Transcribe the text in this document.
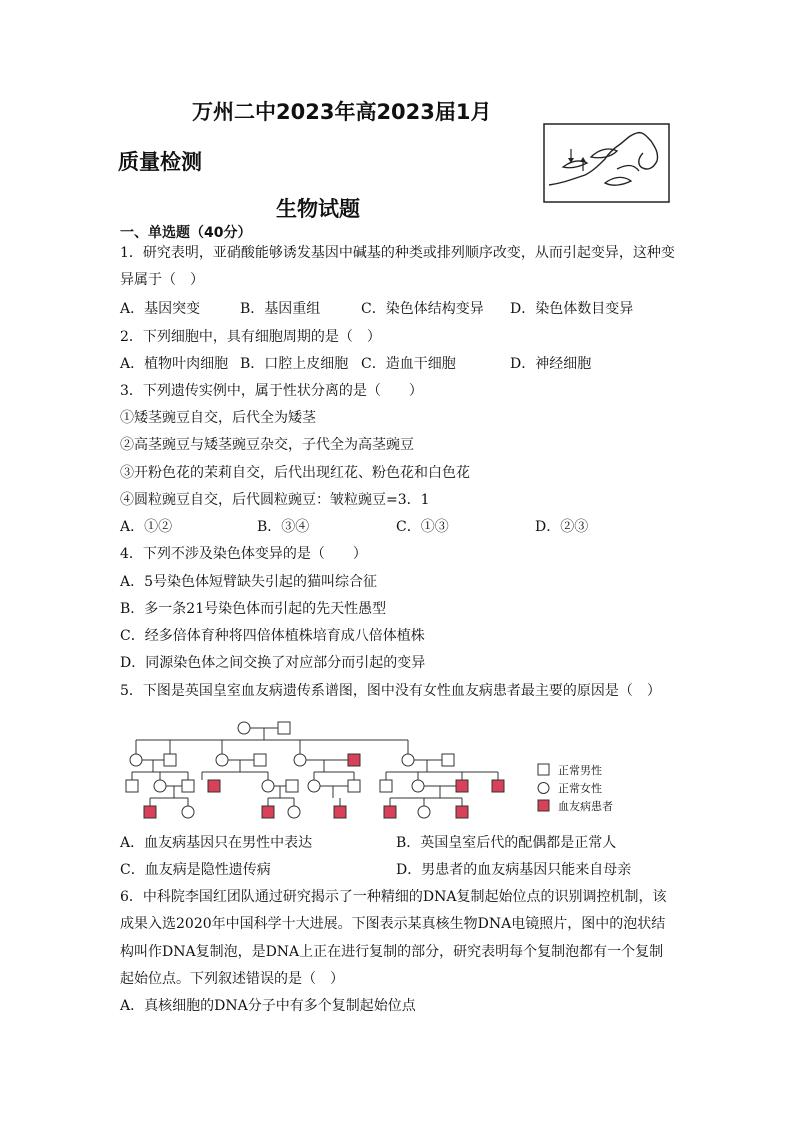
万州二中2023年高2023届1月
质量检测
生物试题
一、单选题（40分）
1．研究表明，亚硝酸能够诱发基因中碱基的种类或排列顺序改变，从而引起变异，这种变
异属于（　）
A．基因突变	B．基因重组	C．染色体结构变异 D．染色体数目变异
2．下列细胞中，具有细胞周期的是（　）
A．植物叶肉细胞 B．口腔上皮细胞 C．造血干细胞	D．神经细胞
3．下列遗传实例中，属于性状分离的是（　　）
①矮茎豌豆自交，后代全为矮茎
②高茎豌豆与矮茎豌豆杂交，子代全为高茎豌豆
③开粉色花的茉莉自交，后代出现红花、粉色花和白色花
④圆粒豌豆自交，后代圆粒豌豆：皱粒豌豆=3．1
A．①②	B．③④	C．①③	D．②③
4．下列不涉及染色体变异的是（　　）
A．5号染色体短臂缺失引起的猫叫综合征
B．多一条21号染色体而引起的先天性愚型
C．经多倍体育种将四倍体植株培育成八倍体植株
D．同源染色体之间交换了对应部分而引起的变异
5．下图是英国皇室血友病遗传系谱图，图中没有女性血友病患者最主要的原因是（　）
正常男性
正常女性
血友病患者
A．血友病基因只在男性中表达	B．英国皇室后代的配偶都是正常人
C．血友病是隐性遗传病	D．男患者的血友病基因只能来自母亲
6．中科院李国红团队通过研究揭示了一种精细的DNA复制起始位点的识别调控机制，该
成果入选2020年中国科学十大进展。下图表示某真核生物DNA电镜照片，图中的泡状结
构叫作DNA复制泡，是DNA上正在进行复制的部分，研究表明每个复制泡都有一个复制
起始位点。下列叙述错误的是（　）
A．真核细胞的DNA分子中有多个复制起始位点
